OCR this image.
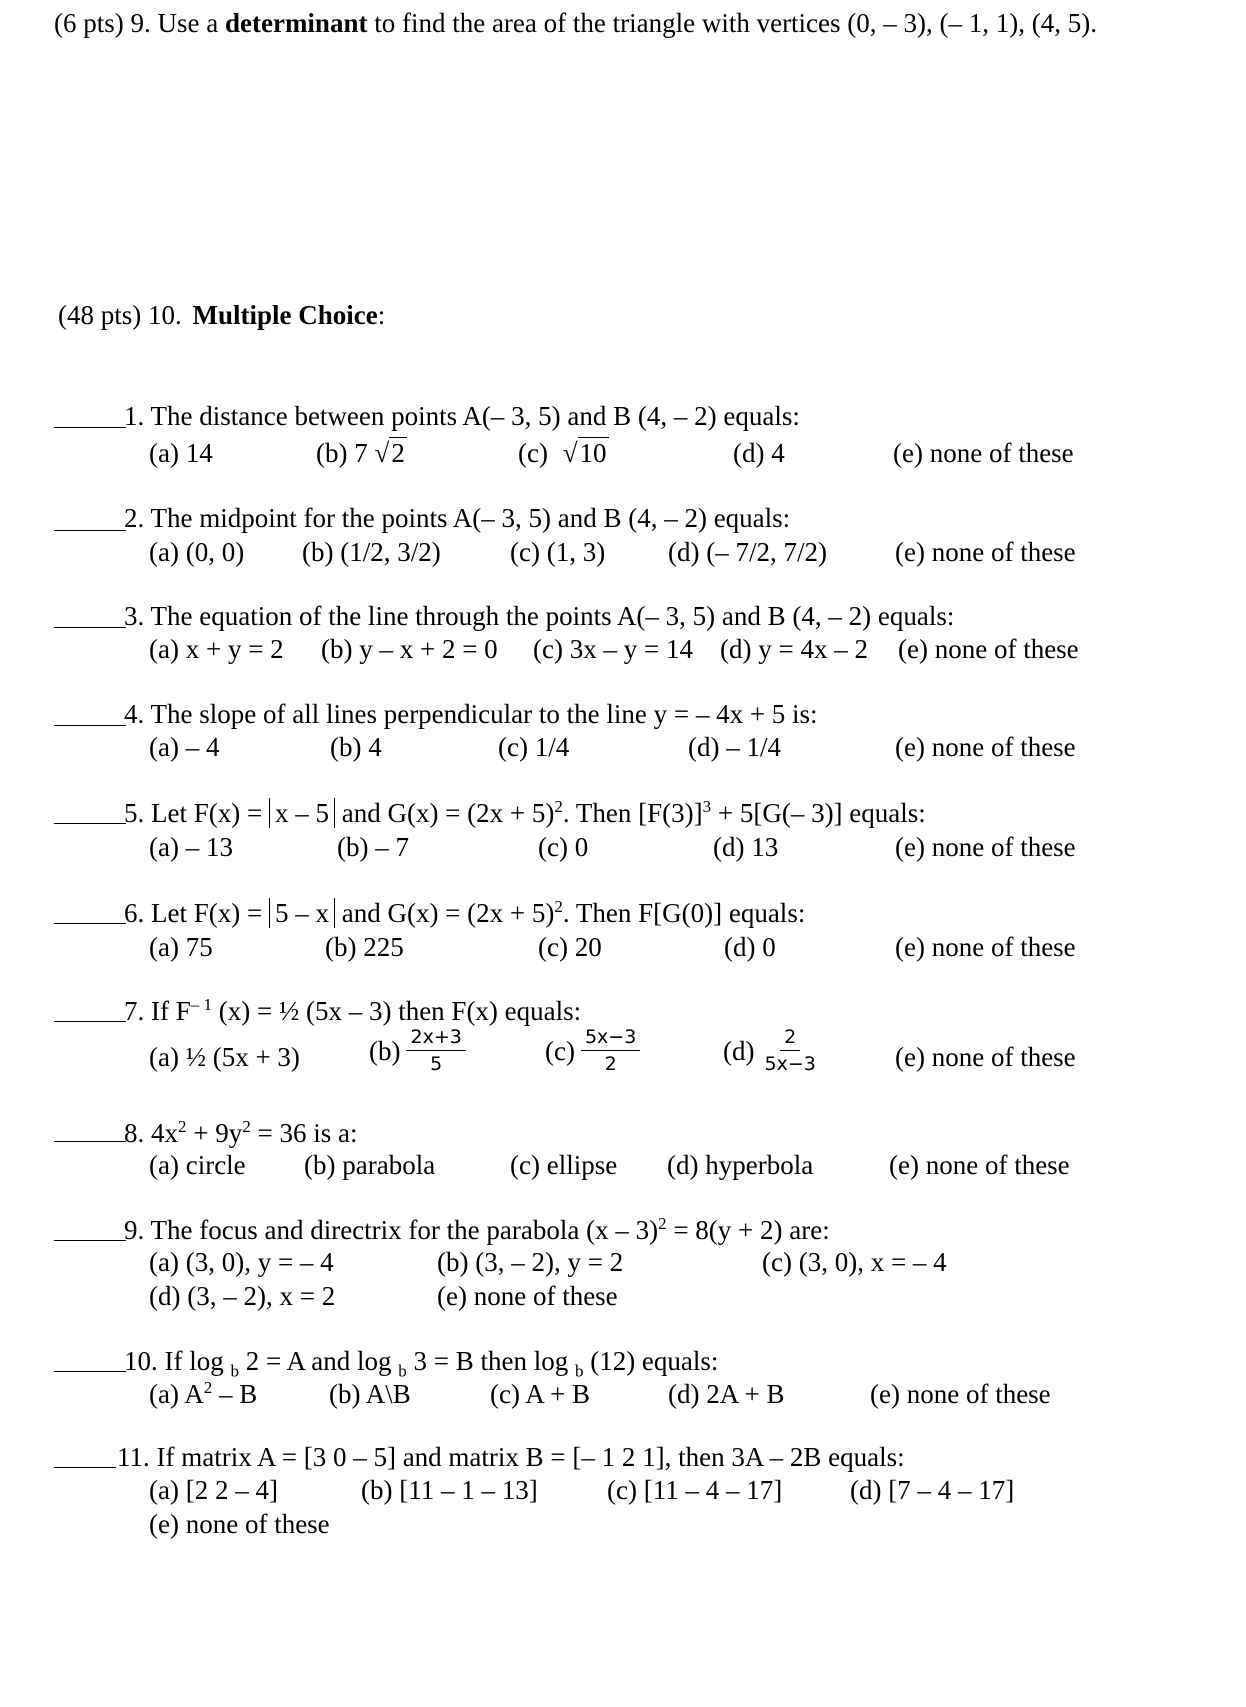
(6 pts) 9. Use a determinant to find the area of the triangle with vertices (0, – 3), (– 1, 1), (4, 5).
(48 pts) 10. Multiple Choice:
1. The distance between points A(– 3, 5) and B (4, – 2) equals:
(a) 14	(b) 7 √2	(c) √10	(d) 4	(e) none of these
2. The midpoint for the points A(– 3, 5) and B (4, – 2) equals:
(a) (0, 0) (b) (1/2, 3/2)	(c) (1, 3) (d) (– 7/2, 7/2)	(e) none of these
3. The equation of the line through the points A(– 3, 5) and B (4, – 2) equals:
(a) x + y = 2 (b) y – x + 2 = 0 (c) 3x – y = 14 (d) y = 4x – 2 (e) none of these
4. The slope of all lines perpendicular to the line y = – 4x + 5 is:
(a) – 4	(b) 4	(c) 1/4	(d) – 1/4	(e) none of these
5. Let F(x) = x – 5 and $G(x) = (2x + 5)^2$. Then $[F(3)]^3 + 5[G(-$ 3)] equals:
(a) – 13	(b) – 7	(c) 0	(d) 13	(e) none of these
6. Let F(x) = 5 – x and $G(x) = (2x + 5)^2$. Then F[G(0)] equals:
(a) 75	(b) 225	(c) 20	(d) 0	(e) none of these
7. If $F^{- 1}$ (x) = ½ (5x – 3) then F(x) equals:
(a) ½ (5x + 3)	$(b) \frac{2x+3}{5}$	$(c) \frac{5x-3}{2}$	$(d) \frac{2}{5x-3}$	(e) none of these
8. $4x^2 + 9y^2 = 36$ is a:
(a) circle (b) parabola	(c) ellipse (d) hyperbola	(e) none of these
9. The focus and directrix for the parabola (x – 3)$^2$ = 8(y + 2) are:
(a) (3, 0), y = – 4	(b) (3, – 2), y = 2	(c) (3, 0), x = – 4
(d) (3, – 2), x = 2	(e) none of these
10. If log $_b$ 2 = A and log $_b$ 3 = B then log $_b$ (12) equals:
(a) $A^2$ – B	(b) A\B	(c) A + B	(d) 2A + B	(e) none of these
11. If matrix A = [3 0 – 5] and matrix B = [– 1 2 1], then 3A – 2B equals:
(a) [2 2 – 4]	(b) [11 – 1 – 13]	(c) [11 – 4 – 17]	(d) [7 – 4 – 17]
(e) none of these
